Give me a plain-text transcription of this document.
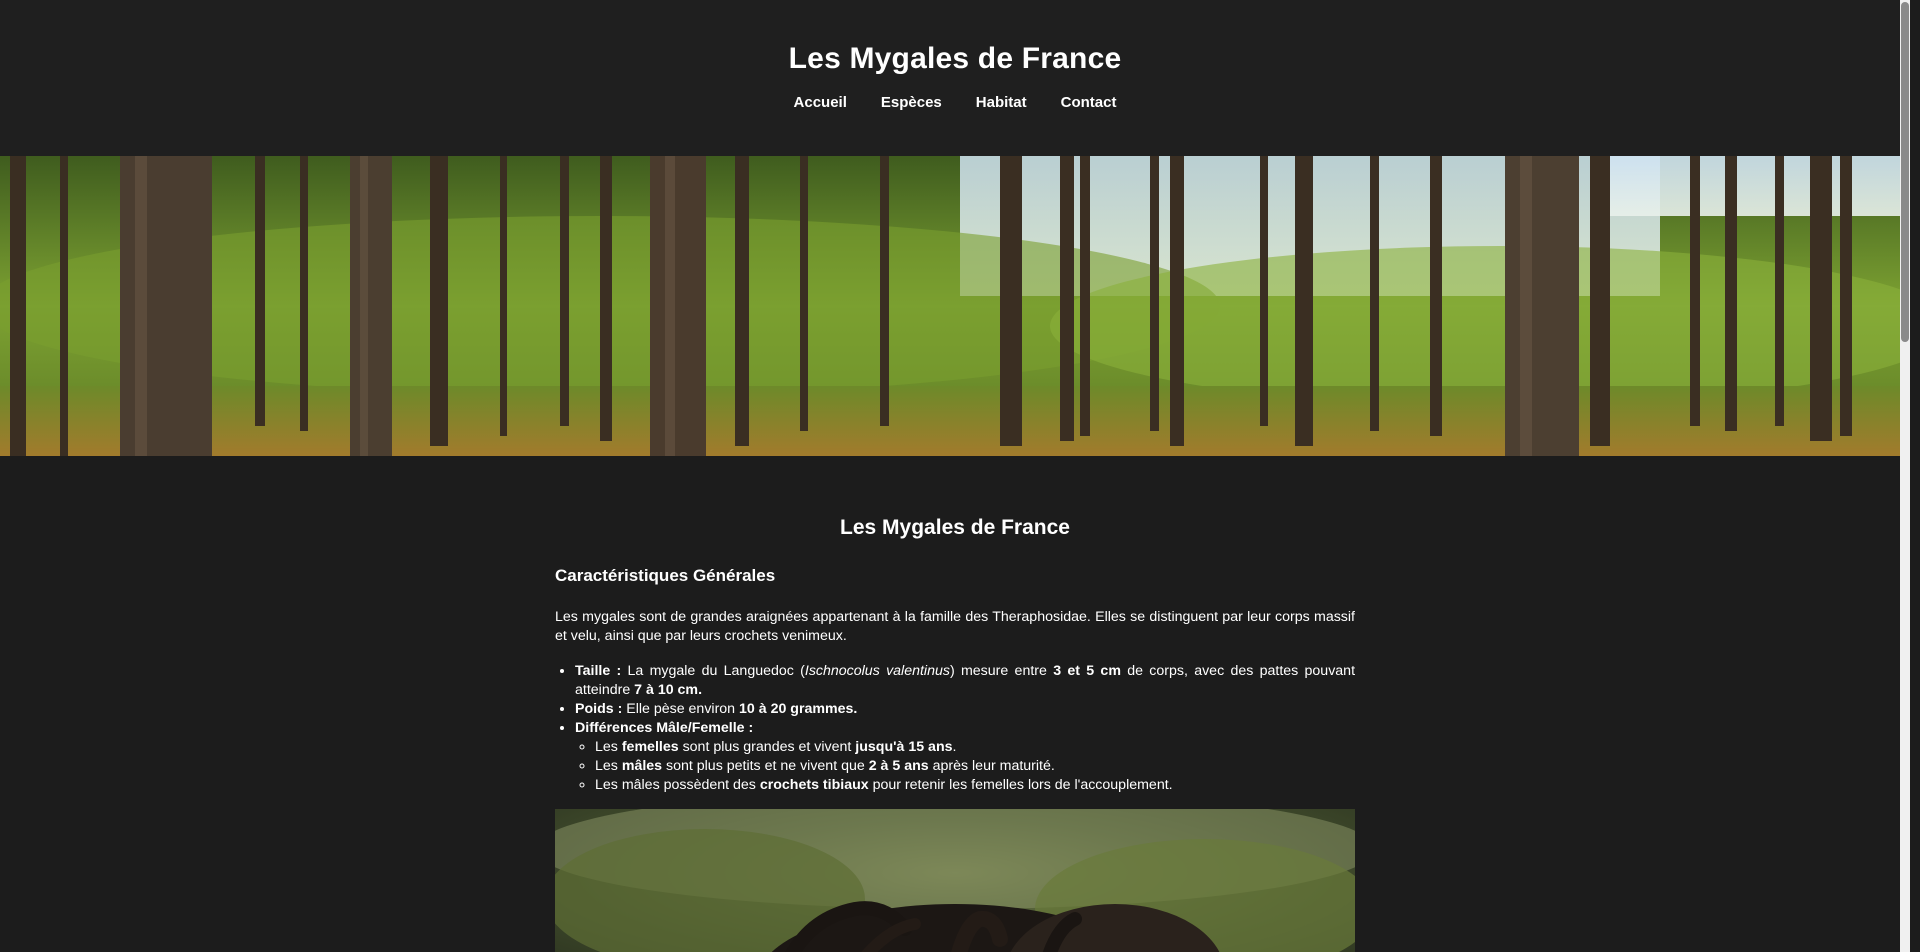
Les Mygales de France
Accueil Espèces Habitat Contact
Les Mygales de France
Caractéristiques Générales

Les mygales sont de grandes araignées appartenant à la famille des Theraphosidae. Elles se distinguent par leur corps massif et velu, ainsi que par leurs crochets venimeux.

• Taille : La mygale du Languedoc (Ischnocolus valentinus) mesure entre 3 et 5 cm de corps, avec des pattes pouvant atteindre 7 à 10 cm.
• Poids : Elle pèse environ 10 à 20 grammes.
• Différences Mâle/Femelle :
◦ Les femelles sont plus grandes et vivent jusqu'à 15 ans.
◦ Les mâles sont plus petits et ne vivent que 2 à 5 ans après leur maturité.
◦ Les mâles possèdent des crochets tibiaux pour retenir les femelles lors de l'accouplement.
